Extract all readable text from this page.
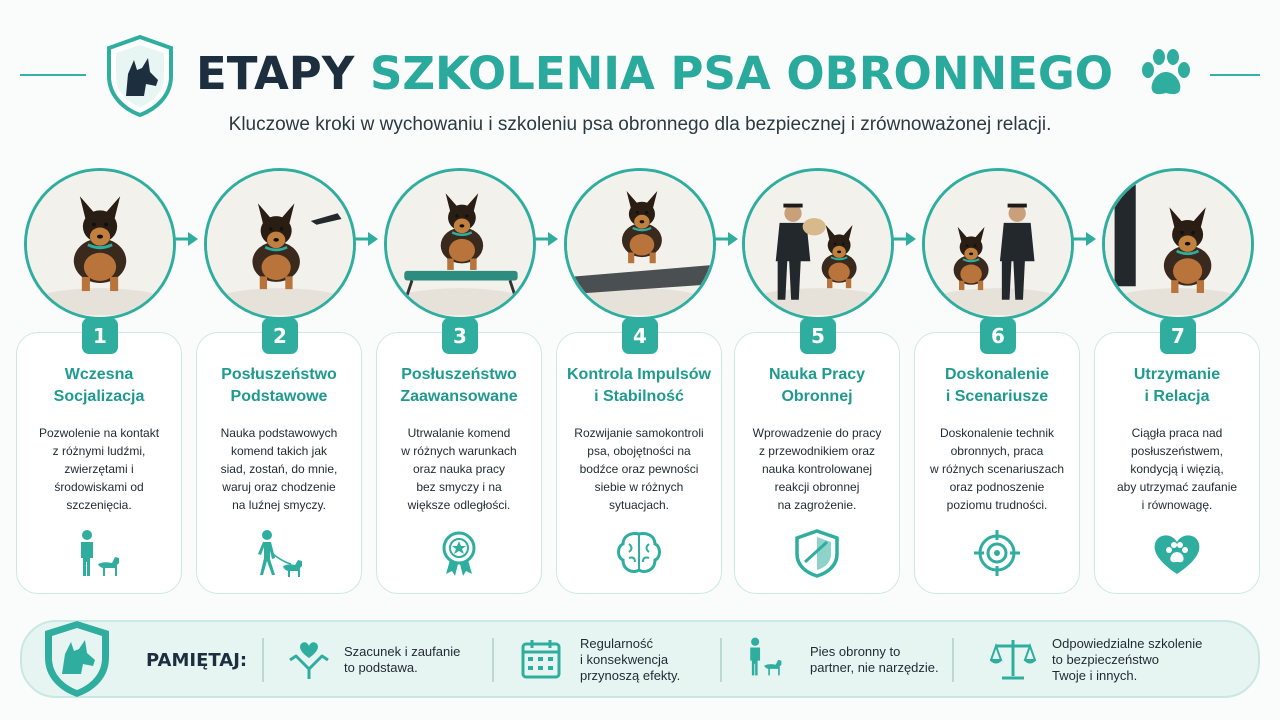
ETAPY SZKOLENIA PSA OBRONNEGO
Kluczowe kroki w wychowaniu i szkoleniu psa obronnego dla bezpiecznej i zrównoważonej relacji.
1
Wczesna
Socjalizacja
Pozwolenie na kontakt
z różnymi ludźmi,
zwierzętami i
środowiskami od
szczenięcia.
2
Posłuszeństwo
Podstawowe
Nauka podstawowych
komend takich jak
siad, zostań, do mnie,
waruj oraz chodzenie
na luźnej smyczy.
3
Posłuszeństwo
Zaawansowane
Utrwalanie komend
w różnych warunkach
oraz nauka pracy
bez smyczy i na
większe odległości.
4
Kontrola Impulsów
i Stabilność
Rozwijanie samokontroli
psa, obojętności na
bodźce oraz pewności
siebie w różnych
sytuacjach.
5
Nauka Pracy
Obronnej
Wprowadzenie do pracy
z przewodnikiem oraz
nauka kontrolowanej
reakcji obronnej
na zagrożenie.
6
Doskonalenie
i Scenariusze
Doskonalenie technik
obronnych, praca
w różnych scenariuszach
oraz podnoszenie
poziomu trudności.
7
Utrzymanie
i Relacja
Ciągła praca nad
posłuszeństwem,
kondycją i więzią,
aby utrzymać zaufanie
i równowagę.
PAMIĘTAJ:	Szacunek i zaufanie
to podstawa.
Regularność
i konsekwencja
przynoszą efekty.
Pies obronny to
partner, nie narzędzie.
Odpowiedzialne szkolenie
to bezpieczeństwo
Twoje i innych.
